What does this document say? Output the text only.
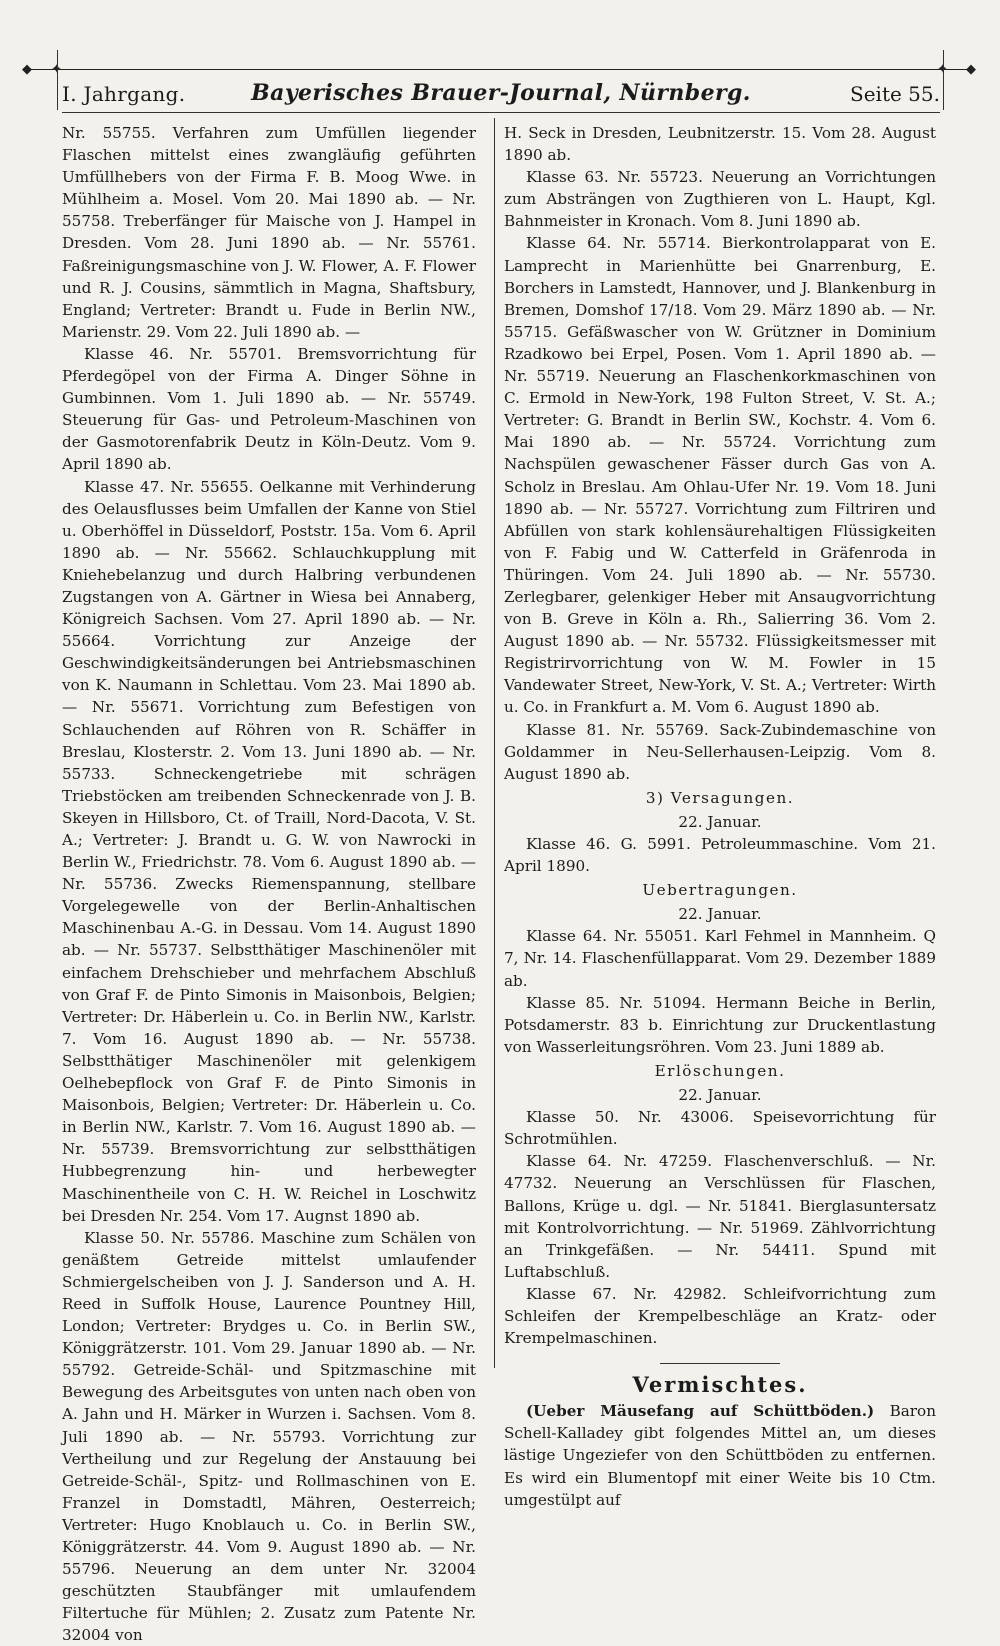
◆	◆
✦	✦
I. Jahrgang.	Bayerisches Brauer-Journal, Nürnberg.	Seite 55.

Nr. 55755. Verfahren zum Umfüllen liegender Flaschen mittelst eines zwangläufig geführten Umfüllhebers von der Firma F. B. Moog Wwe. in Mühlheim a. Mosel. Vom 20. Mai 1890 ab. — Nr. 55758. Treberfänger für Maische von J. Hampel in Dresden. Vom 28. Juni 1890 ab. — Nr. 55761. Faßreinigungsmaschine von J. W. Flower, A. F. Flower und R. J. Cousins, sämmtlich in Magna, Shaftsbury, England; Vertreter: Brandt u. Fude in Berlin NW., Marienstr. 29. Vom 22. Juli 1890 ab. —

Klasse 46. Nr. 55701. Bremsvorrichtung für Pferdegöpel von der Firma A. Dinger Söhne in Gumbinnen. Vom 1. Juli 1890 ab. — Nr. 55749. Steuerung für Gas- und Petroleum-Maschinen von der Gasmotorenfabrik Deutz in Köln-Deutz. Vom 9. April 1890 ab.

Klasse 47. Nr. 55655. Oelkanne mit Verhinderung des Oelausflusses beim Umfallen der Kanne von Stiel u. Oberhöffel in Düsseldorf, Poststr. 15a. Vom 6. April 1890 ab. — Nr. 55662. Schlauchkupplung mit Kniehebelanzug und durch Halbring verbundenen Zugstangen von A. Gärtner in Wiesa bei Annaberg, Königreich Sachsen. Vom 27. April 1890 ab. — Nr. 55664. Vorrichtung zur Anzeige der Geschwindigkeitsänderungen bei Antriebsmaschinen von K. Naumann in Schlettau. Vom 23. Mai 1890 ab. — Nr. 55671. Vorrichtung zum Befestigen von Schlauchenden auf Röhren von R. Schäffer in Breslau, Klosterstr. 2. Vom 13. Juni 1890 ab. — Nr. 55733. Schneckengetriebe mit schrägen Triebstöcken am treibenden Schneckenrade von J. B. Skeyen in Hillsboro, Ct. of Traill, Nord-Dacota, V. St. A.; Vertreter: J. Brandt u. G. W. von Nawrocki in Berlin W., Friedrichstr. 78. Vom 6. August 1890 ab. — Nr. 55736. Zwecks Riemenspannung, stellbare Vorgelegewelle von der Berlin-Anhaltischen Maschinenbau A.-G. in Dessau. Vom 14. August 1890 ab. — Nr. 55737. Selbstthätiger Maschinenöler mit einfachem Drehschieber und mehrfachem Abschluß von Graf F. de Pinto Simonis in Maisonbois, Belgien; Vertreter: Dr. Häberlein u. Co. in Berlin NW., Karlstr. 7. Vom 16. August 1890 ab. — Nr. 55738. Selbstthätiger Maschinenöler mit gelenkigem Oelhebepflock von Graf F. de Pinto Simonis in Maisonbois, Belgien; Vertreter: Dr. Häberlein u. Co. in Berlin NW., Karlstr. 7. Vom 16. August 1890 ab. — Nr. 55739. Bremsvorrichtung zur selbstthätigen Hubbegrenzung hin- und herbewegter Maschinentheile von C. H. W. Reichel in Loschwitz bei Dresden Nr. 254. Vom 17. Augnst 1890 ab.

Klasse 50. Nr. 55786. Maschine zum Schälen von genäßtem Getreide mittelst umlaufender Schmiergelscheiben von J. J. Sanderson und A. H. Reed in Suffolk House, Laurence Pountney Hill, London; Vertreter: Brydges u. Co. in Berlin SW., Königgrätzerstr. 101. Vom 29. Januar 1890 ab. — Nr. 55792. Getreide-Schäl- und Spitzmaschine mit Bewegung des Arbeitsgutes von unten nach oben von A. Jahn und H. Märker in Wurzen i. Sachsen. Vom 8. Juli 1890 ab. — Nr. 55793. Vorrichtung zur Vertheilung und zur Regelung der Anstauung bei Getreide-Schäl-, Spitz- und Rollmaschinen von E. Franzel in Domstadtl, Mähren, Oesterreich; Vertreter: Hugo Knoblauch u. Co. in Berlin SW., Königgrätzerstr. 44. Vom 9. August 1890 ab. — Nr. 55796. Neuerung an dem unter Nr. 32004 geschützten Staubfänger mit umlaufendem Filtertuche für Mühlen; 2. Zusatz zum Patente Nr. 32004 von

H. Seck in Dresden, Leubnitzerstr. 15. Vom 28. August 1890 ab.

Klasse 63. Nr. 55723. Neuerung an Vorrichtungen zum Absträngen von Zugthieren von L. Haupt, Kgl. Bahnmeister in Kronach. Vom 8. Juni 1890 ab.

Klasse 64. Nr. 55714. Bierkontrolapparat von E. Lamprecht in Marienhütte bei Gnarrenburg, E. Borchers in Lamstedt, Hannover, und J. Blankenburg in Bremen, Domshof 17/18. Vom 29. März 1890 ab. — Nr. 55715. Gefäßwascher von W. Grützner in Dominium Rzadkowo bei Erpel, Posen. Vom 1. April 1890 ab. — Nr. 55719. Neuerung an Flaschenkorkmaschinen von C. Ermold in New-York, 198 Fulton Street, V. St. A.; Vertreter: G. Brandt in Berlin SW., Kochstr. 4. Vom 6. Mai 1890 ab. — Nr. 55724. Vorrichtung zum Nachspülen gewaschener Fässer durch Gas von A. Scholz in Breslau. Am Ohlau-Ufer Nr. 19. Vom 18. Juni 1890 ab. — Nr. 55727. Vorrichtung zum Filtriren und Abfüllen von stark kohlensäurehaltigen Flüssigkeiten von F. Fabig und W. Catterfeld in Gräfenroda in Thüringen. Vom 24. Juli 1890 ab. — Nr. 55730. Zerlegbarer, gelenkiger Heber mit Ansaugvorrichtung von B. Greve in Köln a. Rh., Salierring 36. Vom 2. August 1890 ab. — Nr. 55732. Flüssigkeitsmesser mit Registrirvorrichtung von W. M. Fowler in 15 Vandewater Street, New-York, V. St. A.; Vertreter: Wirth u. Co. in Frankfurt a. M. Vom 6. August 1890 ab.

Klasse 81. Nr. 55769. Sack-Zubindemaschine von Goldammer in Neu-Sellerhausen-Leipzig. Vom 8. August 1890 ab.

3) Versagungen.
22. Januar.

Klasse 46. G. 5991. Petroleummaschine. Vom 21. April 1890.

Uebertragungen.
22. Januar.

Klasse 64. Nr. 55051. Karl Fehmel in Mannheim. Q 7, Nr. 14. Flaschenfüllapparat. Vom 29. Dezember 1889 ab.

Klasse 85. Nr. 51094. Hermann Beiche in Berlin, Potsdamerstr. 83 b. Einrichtung zur Druckentlastung von Wasserleitungsröhren. Vom 23. Juni 1889 ab.

Erlöschungen.
22. Januar.

Klasse 50. Nr. 43006. Speisevorrichtung für Schrotmühlen.

Klasse 64. Nr. 47259. Flaschenverschluß. — Nr. 47732. Neuerung an Verschlüssen für Flaschen, Ballons, Krüge u. dgl. — Nr. 51841. Bierglasuntersatz mit Kontrolvorrichtung. — Nr. 51969. Zählvorrichtung an Trinkgefäßen. — Nr. 54411. Spund mit Luftabschluß.

Klasse 67. Nr. 42982. Schleifvorrichtung zum Schleifen der Krempelbeschläge an Kratz- oder Krempelmaschinen.

Vermischtes.

(Ueber Mäusefang auf Schüttböden.) Baron Schell-Kalladey gibt folgendes Mittel an, um dieses lästige Ungeziefer von den Schüttböden zu entfernen. Es wird ein Blumentopf mit einer Weite bis 10 Ctm. umgestülpt auf
